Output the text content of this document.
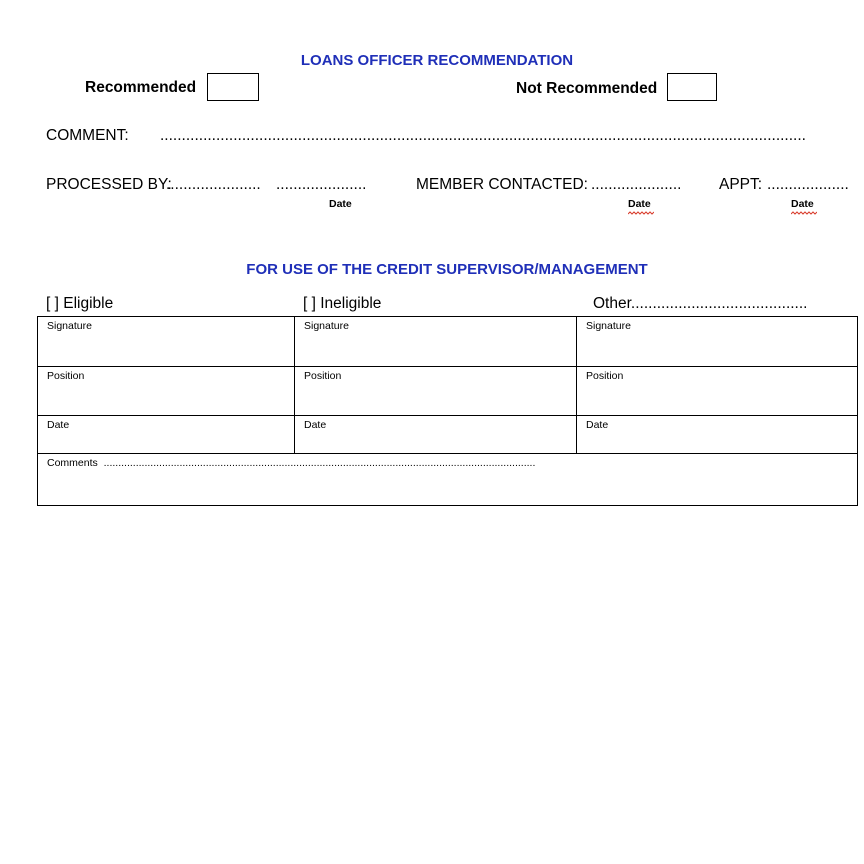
LOANS OFFICER RECOMMENDATION
Recommended	Not Recommended
COMMENT: ......................................................................................................................................................
PROCESSED BY:
...................... .....................
Date
MEMBER CONTACTED: .....................
Date
APPT: ...................
Date
FOR USE OF THE CREDIT SUPERVISOR/MANAGEMENT
[ ] Eligible	[ ] Ineligible	Other.........................................
Signature	Signature	Signature
Position	Position	Position
Date	Date	Date
Comments ....................................................................................................................................................		
